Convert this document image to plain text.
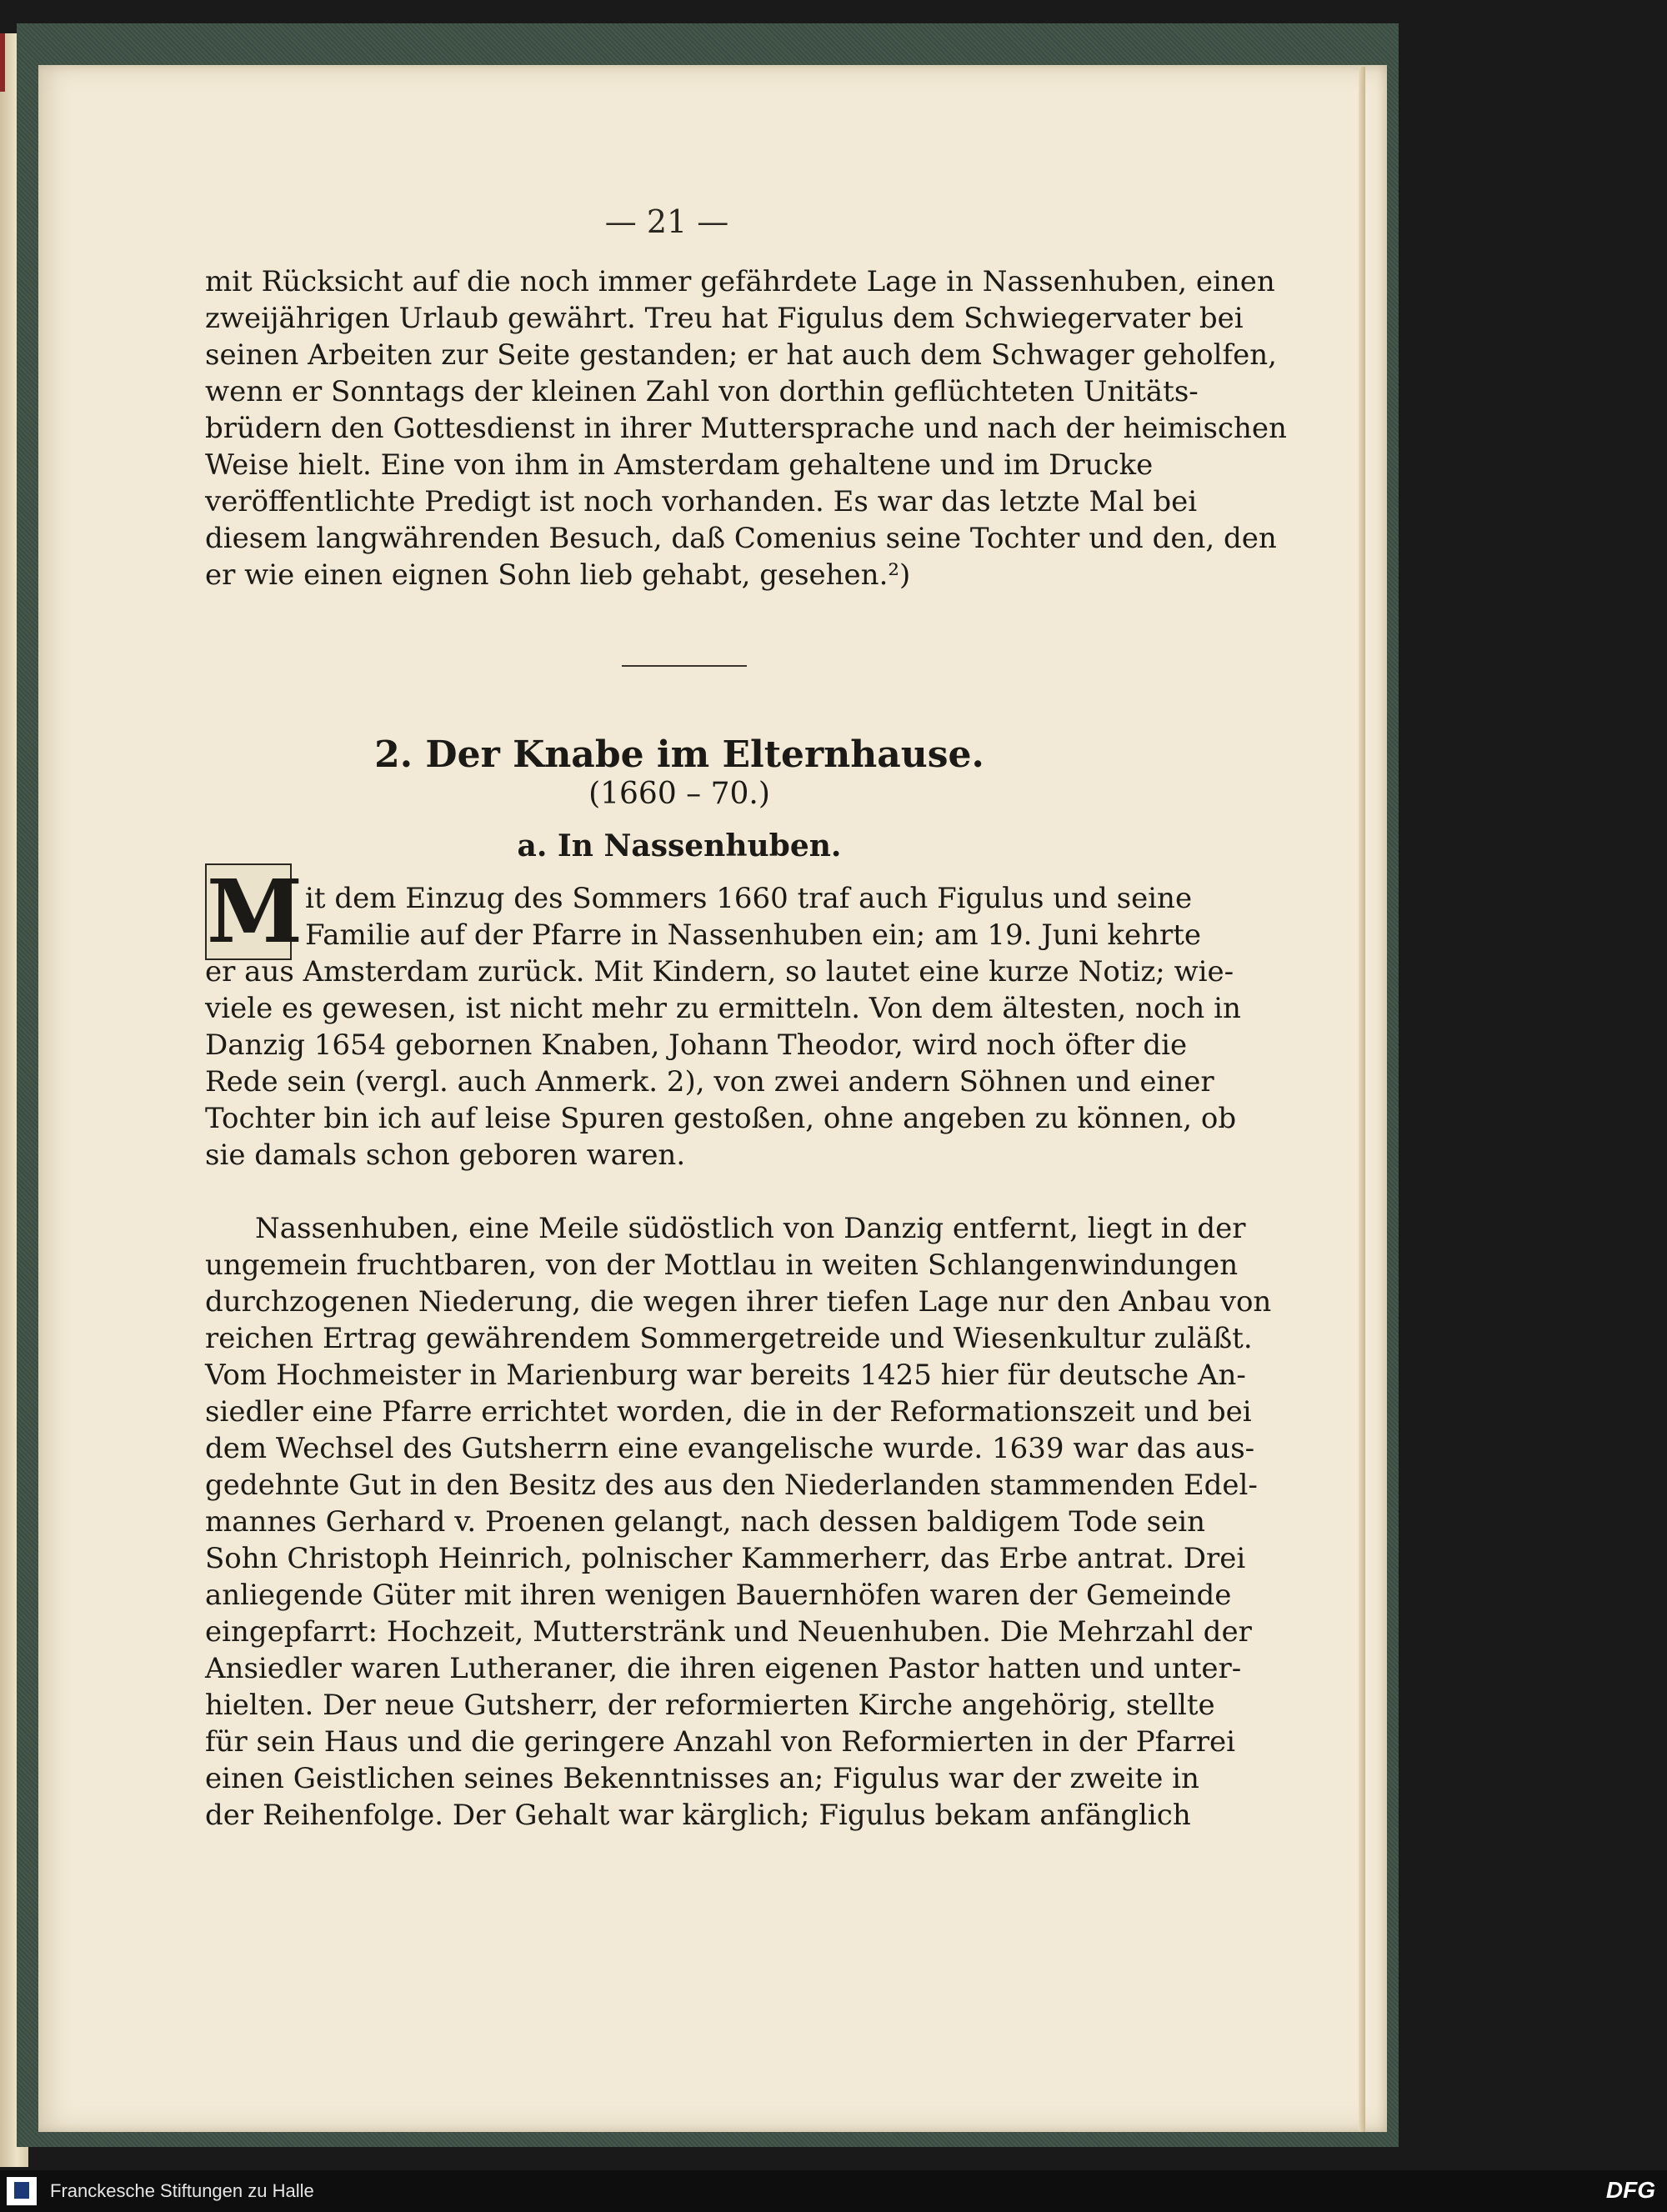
— 21 —
mit Rücksicht auf die noch immer gefährdete Lage in Nassenhuben, einen
zweijährigen Urlaub gewährt. Treu hat Figulus dem Schwiegervater bei
seinen Arbeiten zur Seite gestanden; er hat auch dem Schwager geholfen,
wenn er Sonntags der kleinen Zahl von dorthin geflüchteten Unitäts-
brüdern den Gottesdienst in ihrer Muttersprache und nach der heimischen
Weise hielt. Eine von ihm in Amsterdam gehaltene und im Drucke
veröffentlichte Predigt ist noch vorhanden. Es war das letzte Mal bei
diesem langwährenden Besuch, daß Comenius seine Tochter und den, den
er wie einen eignen Sohn lieb gehabt, gesehen.²)
2. Der Knabe im Elternhause.
(1660 – 70.)
a. In Nassenhuben.
M it dem Einzug des Sommers 1660 traf auch Figulus und seine
Familie auf der Pfarre in Nassenhuben ein; am 19. Juni kehrte
er aus Amsterdam zurück. Mit Kindern, so lautet eine kurze Notiz; wie-
viele es gewesen, ist nicht mehr zu ermitteln. Von dem ältesten, noch in
Danzig 1654 gebornen Knaben, Johann Theodor, wird noch öfter die
Rede sein (vergl. auch Anmerk. 2), von zwei andern Söhnen und einer
Tochter bin ich auf leise Spuren gestoßen, ohne angeben zu können, ob
sie damals schon geboren waren.
Nassenhuben, eine Meile südöstlich von Danzig entfernt, liegt in der
ungemein fruchtbaren, von der Mottlau in weiten Schlangenwindungen
durchzogenen Niederung, die wegen ihrer tiefen Lage nur den Anbau von
reichen Ertrag gewährendem Sommergetreide und Wiesenkultur zuläßt.
Vom Hochmeister in Marienburg war bereits 1425 hier für deutsche An-
siedler eine Pfarre errichtet worden, die in der Reformationszeit und bei
dem Wechsel des Gutsherrn eine evangelische wurde. 1639 war das aus-
gedehnte Gut in den Besitz des aus den Niederlanden stammenden Edel-
mannes Gerhard v. Proenen gelangt, nach dessen baldigem Tode sein
Sohn Christoph Heinrich, polnischer Kammerherr, das Erbe antrat. Drei
anliegende Güter mit ihren wenigen Bauernhöfen waren der Gemeinde
eingepfarrt: Hochzeit, Mutterstränk und Neuenhuben. Die Mehrzahl der
Ansiedler waren Lutheraner, die ihren eigenen Pastor hatten und unter-
hielten. Der neue Gutsherr, der reformierten Kirche angehörig, stellte
für sein Haus und die geringere Anzahl von Reformierten in der Pfarrei
einen Geistlichen seines Bekenntnisses an; Figulus war der zweite in
der Reihenfolge. Der Gehalt war kärglich; Figulus bekam anfänglich
Franckesche Stiftungen zu Halle	DFG
